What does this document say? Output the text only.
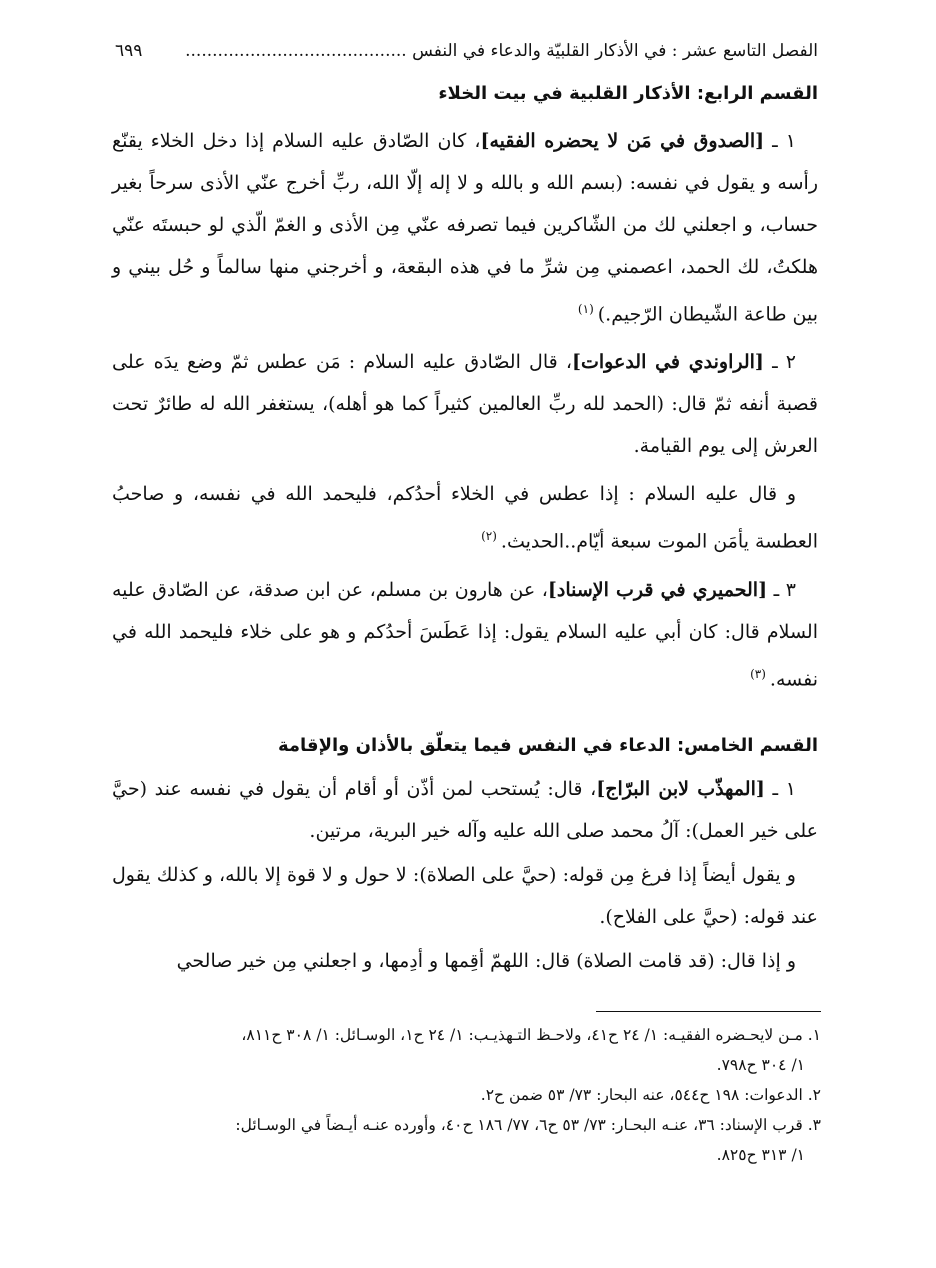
الفصل التاسع عشر : في الأذكار القلبيّة والدعاء في النفس .........................................
٦٩٩
القسم الرابع: الأذكار القلبية في بيت الخلاء

١ ـ [الصدوق في مَن لا يحضره الفقيه]، كان الصّادق عليه السلام إذا دخل الخلاء يقنّع رأسه و يقول في نفسه: (بسم الله و بالله و لا إله إلّا الله، ربِّ أخرج عنّي الأذى سرحاً بغير حساب، و اجعلني لك من الشّاكرين فيما تصرفه عنّي مِن الأذى و الغمّ الّذي لو حبستَه عنّي هلكتُ، لك الحمد، اعصمني مِن شرِّ ما في هذه البقعة، و أخرجني منها سالماً و حُل بيني و بين طاعة الشّيطان الرّجيم.)$^{(١)}$

٢ ـ [الراوندي في الدعوات]، قال الصّادق عليه السلام : مَن عطس ثمّ وضع يدَه على قصبة أنفه ثمّ قال: (الحمد لله ربِّ العالمين كثيراً كما هو أهله)، يستغفر الله له طائرٌ تحت العرش إلى يوم القيامة.

و قال عليه السلام : إذا عطس في الخلاء أحدُكم، فليحمد الله في نفسه، و صاحبُ العطسة يأمَن الموت سبعة أيّام..الحديث.$^{(٢)}$

٣ ـ [الحميري في قرب الإسناد]، عن هارون بن مسلم، عن ابن صدقة، عن الصّادق عليه السلام قال: كان أبي عليه السلام يقول: إذا عَطَسَ أحدُكم و هو على خلاء فليحمد الله في نفسه.$^{(٣)}$

القسم الخامس: الدعاء في النفس فيما يتعلّق بالأذان والإقامة

١ ـ [المهذّب لابن البرّاج]، قال: يُستحب لمن أذّن أو أقام أن يقول في نفسه عند (حيَّ على خير العمل): آلُ محمد صلى الله عليه وآله خير البرية، مرتين.

و يقول أيضاً إذا فرغ مِن قوله: (حيَّ على الصلاة): لا حول و لا قوة إلا بالله، و كذلك يقول عند قوله: (حيَّ على الفلاح).

و إذا قال: (قد قامت الصلاة) قال: اللهمّ أقِمها و أدِمها، و اجعلني مِن خير صالحي

١. مـن لايحـضره الفقيـه: ١/ ٢٤ ح٤١، ولاحـظ التـهذيـب: ١/ ٢٤ ح١، الوسـائل: ١/ ٣٠٨ ح٨١١،
١/ ٣٠٤ ح٧٩٨.

٢. الدعوات: ١٩٨ ح٥٤٤، عنه البحار: ٧٣/ ٥٣ ضمن ح٢.

٣. قرب الإسناد: ٣٦، عنـه البحـار: ٧٣/ ٥٣ ح٦، ٧٧/ ١٨٦ ح٤٠، وأورده عنـه أيـضاً في الوسـائل:
١/ ٣١٣ ح٨٢٥.
